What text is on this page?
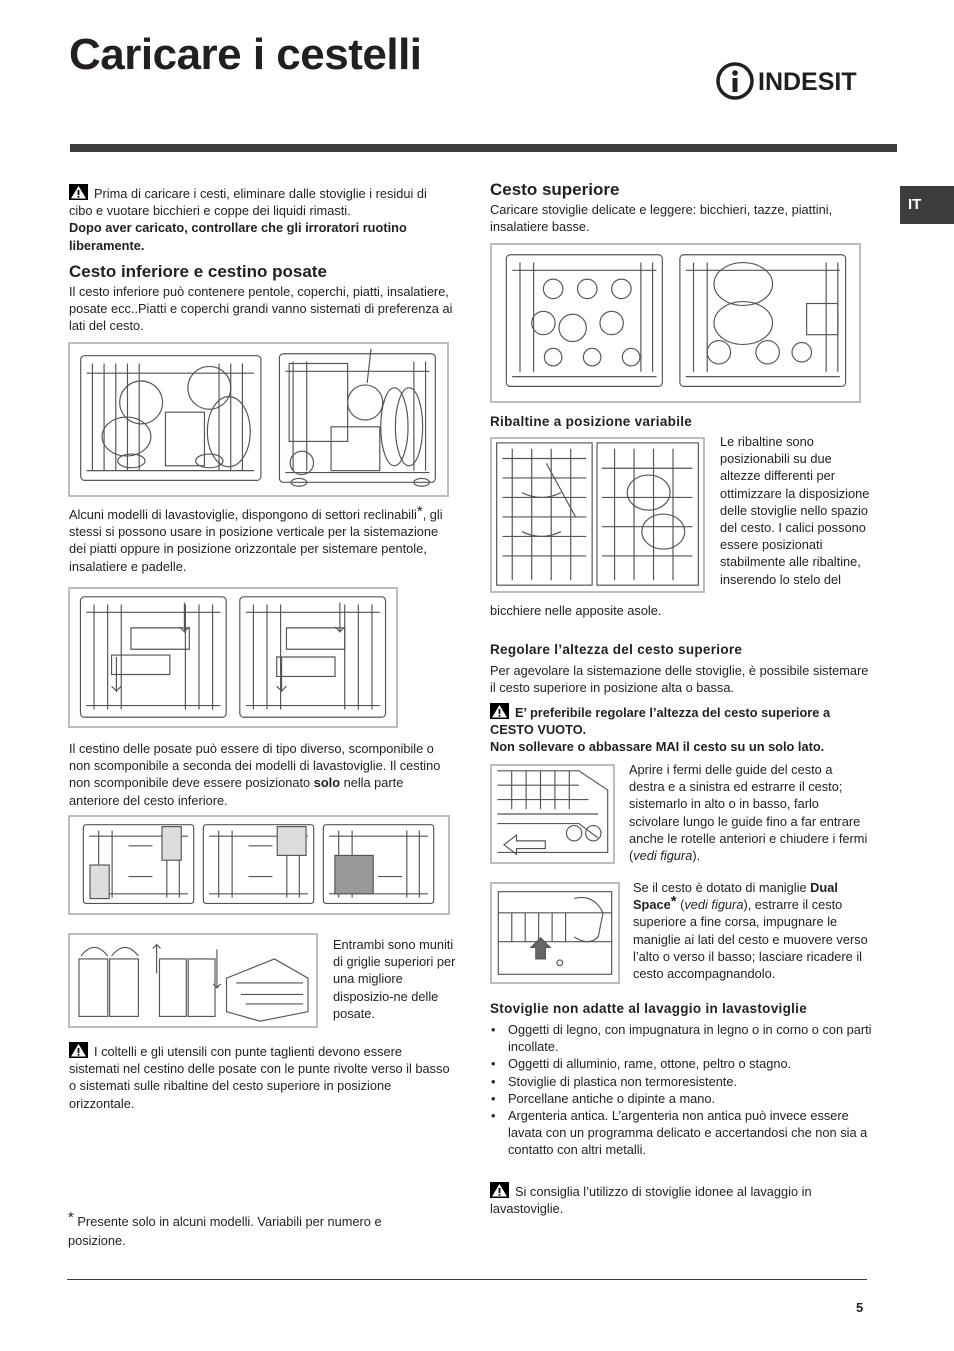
Caricare i cestelli
INDESIT
IT
Prima di caricare i cesti, eliminare dalle stoviglie i residui di cibo e vuotare bicchieri e coppe dei liquidi rimasti.
Dopo aver caricato, controllare che gli irroratori ruotino liberamente.
Cesto inferiore e cestino posate
Il cesto inferiore può contenere pentole, coperchi, piatti, insalatiere, posate ecc..Piatti e coperchi grandi vanno sistemati di preferenza ai lati del cesto.
Alcuni modelli di lavastoviglie, dispongono di settori reclinabili*, gli stessi si possono usare in posizione verticale per la sistemazione dei piatti oppure in posizione orizzontale per sistemare pentole, insalatiere e padelle.
Il cestino delle posate può essere di tipo diverso, scomponibile o non scomponibile a seconda dei modelli di lavastoviglie. Il cestino non scomponibile deve essere posizionato solo nella parte anteriore del cesto inferiore.
Entrambi sono muniti di griglie superiori per una migliore disposizio-ne delle posate.
I coltelli e gli utensili con punte taglienti devono essere sistemati nel cestino delle posate con le punte rivolte verso il basso o sistemati sulle ribaltine del cesto superiore in posizione orizzontale.
* Presente solo in alcuni modelli. Variabili per numero e posizione.
Cesto superiore
Caricare stoviglie delicate e leggere: bicchieri, tazze, piattini, insalatiere basse.
Ribaltine a posizione variabile
Le ribaltine sono posizionabili su due altezze differenti per ottimizzare la disposizione delle stoviglie nello spazio del cesto. I calici possono essere posizionati stabilmente alle ribaltine, inserendo lo stelo del
bicchiere nelle apposite asole.
Regolare l’altezza del cesto superiore
Per agevolare la sistemazione delle stoviglie, è possibile sistemare il cesto superiore in posizione alta o bassa.
E’ preferibile regolare l’altezza del cesto superiore a CESTO VUOTO.
Non sollevare o abbassare MAI il cesto su un solo lato.
Aprire i fermi delle guide del cesto a destra e a sinistra ed estrarre il cesto; sistemarlo in alto o in basso, farlo scivolare lungo le guide fino a far entrare anche le rotelle anteriori e chiudere i fermi (vedi figura).
Se il cesto è dotato di maniglie Dual Space* (vedi figura), estrarre il cesto superiore a fine corsa, impugnare le maniglie ai lati del cesto e muovere verso l’alto o verso il basso; lasciare ricadere il cesto accompagnandolo.
Stoviglie non adatte al lavaggio in lavastoviglie
• Oggetti di legno, con impugnatura in legno o in corno o con parti incollate.
• Oggetti di alluminio, rame, ottone, peltro o stagno.
• Stoviglie di plastica non termoresistente.
• Porcellane antiche o dipinte a mano.
• Argenteria antica. L’argenteria non antica può invece essere lavata con un programma delicato e accertandosi che non sia a contatto con altri metalli.
Si consiglia l’utilizzo di stoviglie idonee al lavaggio in lavastoviglie.
5
